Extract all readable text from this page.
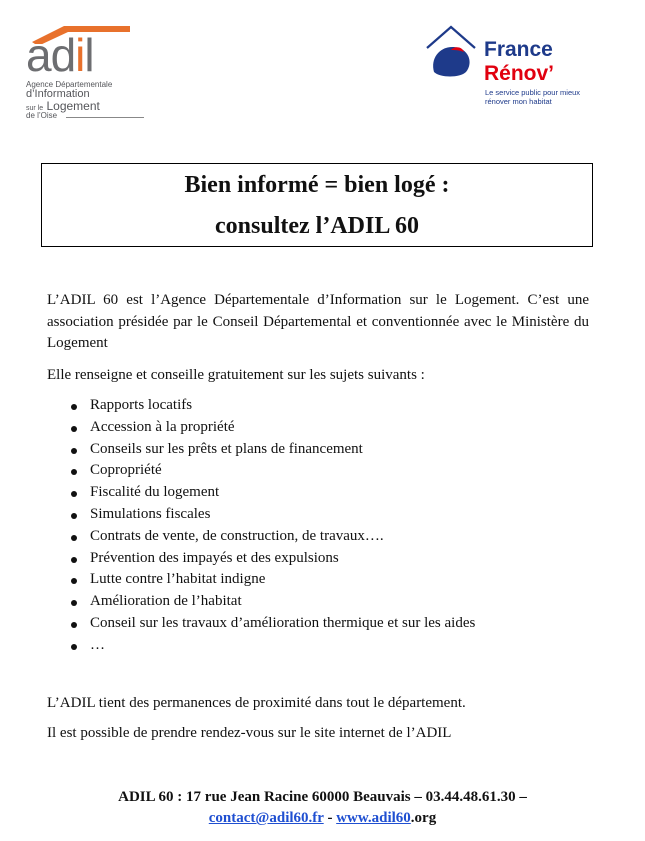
adil
Agence Départementale
d’Information
sur le Logement
de l’Oise
France
Rénov’
Le service public pour mieux rénover mon habitat
Bien informé = bien logé :
consultez l’ADIL 60
L’ADIL 60 est l’Agence Départementale d’Information sur le Logement. C’est une association présidée par le Conseil Départemental et conventionnée avec le Ministère du Logement
Elle renseigne et conseille gratuitement sur les sujets suivants :
Rapports locatifs
Accession à la propriété
Conseils sur les prêts et plans de financement
Copropriété
Fiscalité du logement
Simulations fiscales
Contrats de vente, de construction, de travaux….
Prévention des impayés et des expulsions
Lutte contre l’habitat indigne
Amélioration de l’habitat
Conseil sur les travaux d’amélioration thermique et sur les aides
…
L’ADIL tient des permanences de proximité dans tout le département.
Il est possible de prendre rendez-vous sur le site internet de l’ADIL
ADIL 60 : 17 rue Jean Racine 60000 Beauvais – 03.44.48.61.30 –
contact@adil60.fr - www.adil60.org
